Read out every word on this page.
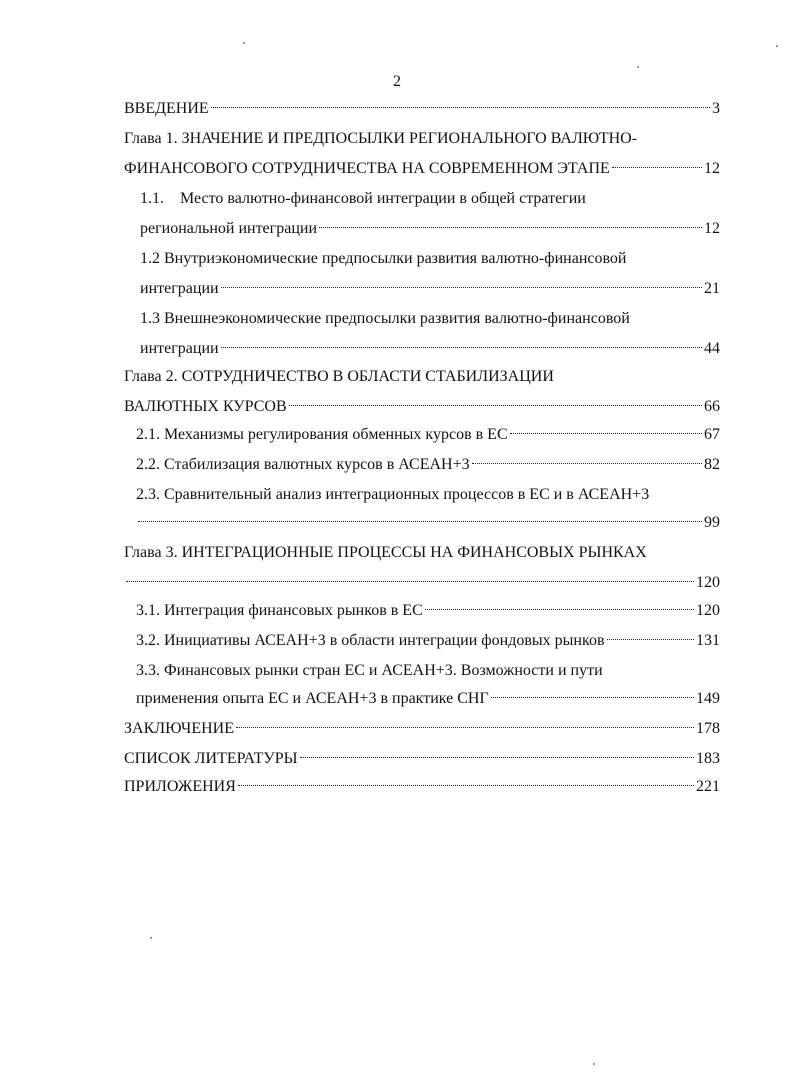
2
ВВЕДЕНИЕ	3
Глава 1. ЗНАЧЕНИЕ И ПРЕДПОСЫЛКИ РЕГИОНАЛЬНОГО ВАЛЮТНО-
ФИНАНСОВОГО СОТРУДНИЧЕСТВА НА СОВРЕМЕННОМ ЭТАПЕ	12
1.1. Место валютно-финансовой интеграции в общей стратегии
региональной интеграции	12
1.2 Внутриэкономические предпосылки развития валютно-финансовой
интеграции	21
1.3 Внешнеэкономические предпосылки развития валютно-финансовой
интеграции	44
Глава 2. СОТРУДНИЧЕСТВО В ОБЛАСТИ СТАБИЛИЗАЦИИ
ВАЛЮТНЫХ КУРСОВ	66
2.1. Механизмы регулирования обменных курсов в ЕС	67
2.2. Стабилизация валютных курсов в АСЕАН+3	82
2.3. Сравнительный анализ интеграционных процессов в ЕС и в АСЕАН+3
99
Глава 3. ИНТЕГРАЦИОННЫЕ ПРОЦЕССЫ НА ФИНАНСОВЫХ РЫНКАХ
120
3.1. Интеграция финансовых рынков в ЕС	120
3.2. Инициативы АСЕАН+3 в области интеграции фондовых рынков	131
3.3. Финансовых рынки стран ЕС и АСЕАН+3. Возможности и пути
применения опыта ЕС и АСЕАН+3 в практике СНГ	149
ЗАКЛЮЧЕНИЕ	178
СПИСОК ЛИТЕРАТУРЫ	183
ПРИЛОЖЕНИЯ	221
